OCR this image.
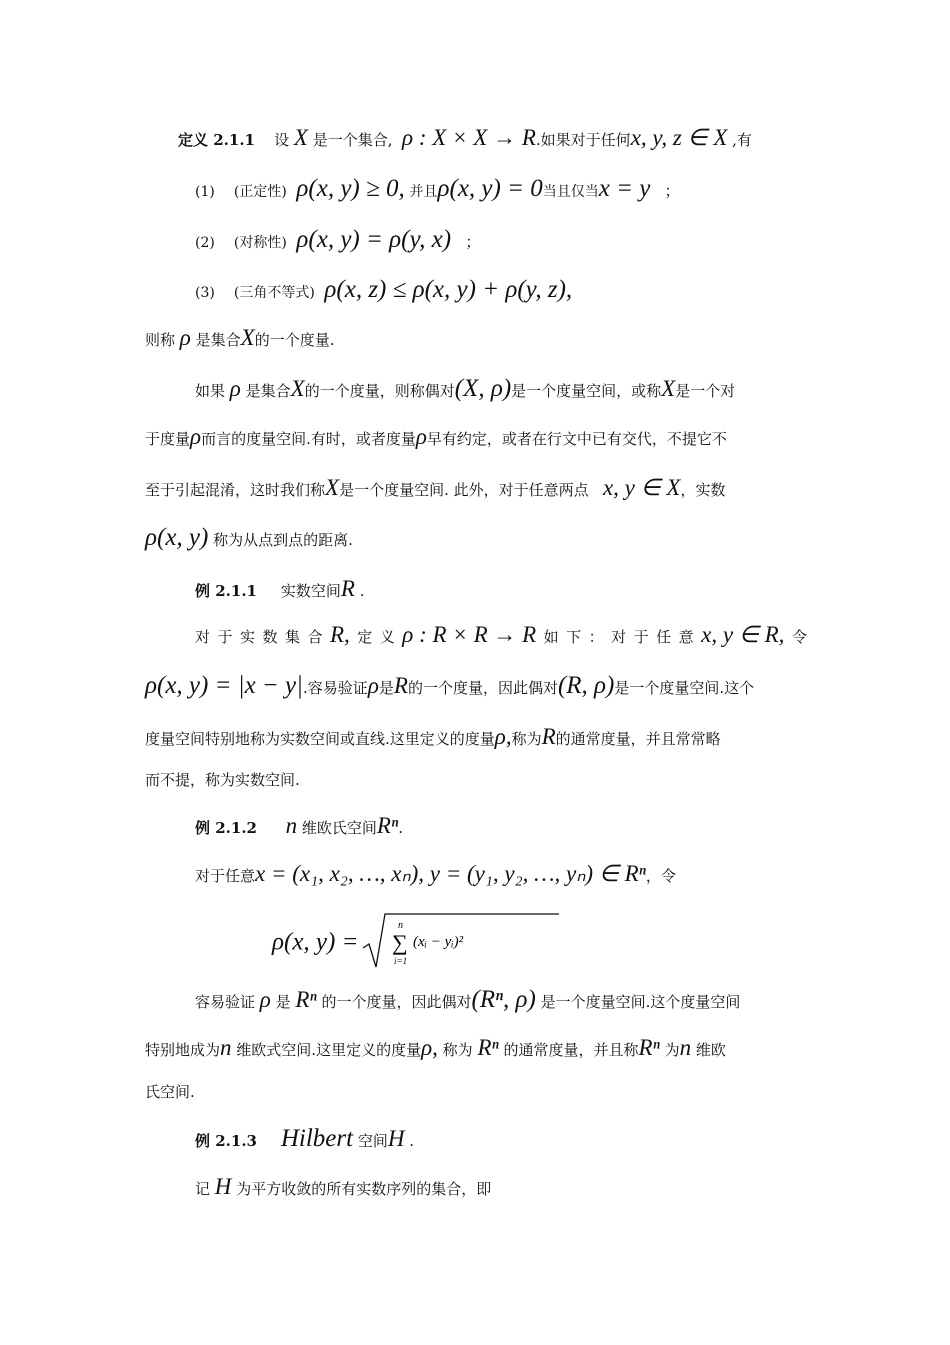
定义 2.1.1 设 X 是一个集合, ρ : X × X → R.如果对于任何x, y, z ∈ X ,有
(1) (正定性) ρ(x, y) ≥ 0, 并且ρ(x, y) = 0当且仅当x = y ；
(2) (对称性) ρ(x, y) = ρ(y, x) ；
(3) (三角不等式) ρ(x, z) ≤ ρ(x, y) + ρ(y, z),
则称 ρ 是集合X的一个度量.
如果 ρ 是集合X的一个度量，则称偶对(X, ρ)是一个度量空间，或称X是一个对
于度量ρ而言的度量空间.有时，或者度量ρ早有约定，或者在行文中已有交代，不提它不
至于引起混淆，这时我们称X是一个度量空间. 此外，对于任意两点 x, y ∈ X，实数
ρ(x, y) 称为从点到点的距离.
例 2.1.1 实数空间R .
对 于 实 数 集 合 R, 定 义 ρ : R × R → R 如 下 ： 对 于 任 意 x, y ∈ R, 令
ρ(x, y) = |x − y|.容易验证ρ是R的一个度量，因此偶对(R, ρ)是一个度量空间.这个
度量空间特别地称为实数空间或直线.这里定义的度量ρ,称为R的通常度量，并且常常略
而不提，称为实数空间.
例 2.1.2 n 维欧氏空间Rⁿ.
对于任意x = (x₁, x₂, …, xₙ), y = (y₁, y₂, …, yₙ) ∈ Rⁿ，令
ρ(x, y) =
n
∑
i=1
(xᵢ − yᵢ)²
容易验证 ρ 是 Rⁿ 的一个度量，因此偶对(Rⁿ, ρ) 是一个度量空间.这个度量空间
特别地成为n 维欧式空间.这里定义的度量ρ, 称为 Rⁿ 的通常度量，并且称Rⁿ 为n 维欧
氏空间.
例 2.1.3 Hilbert 空间H .
记 H 为平方收敛的所有实数序列的集合，即
